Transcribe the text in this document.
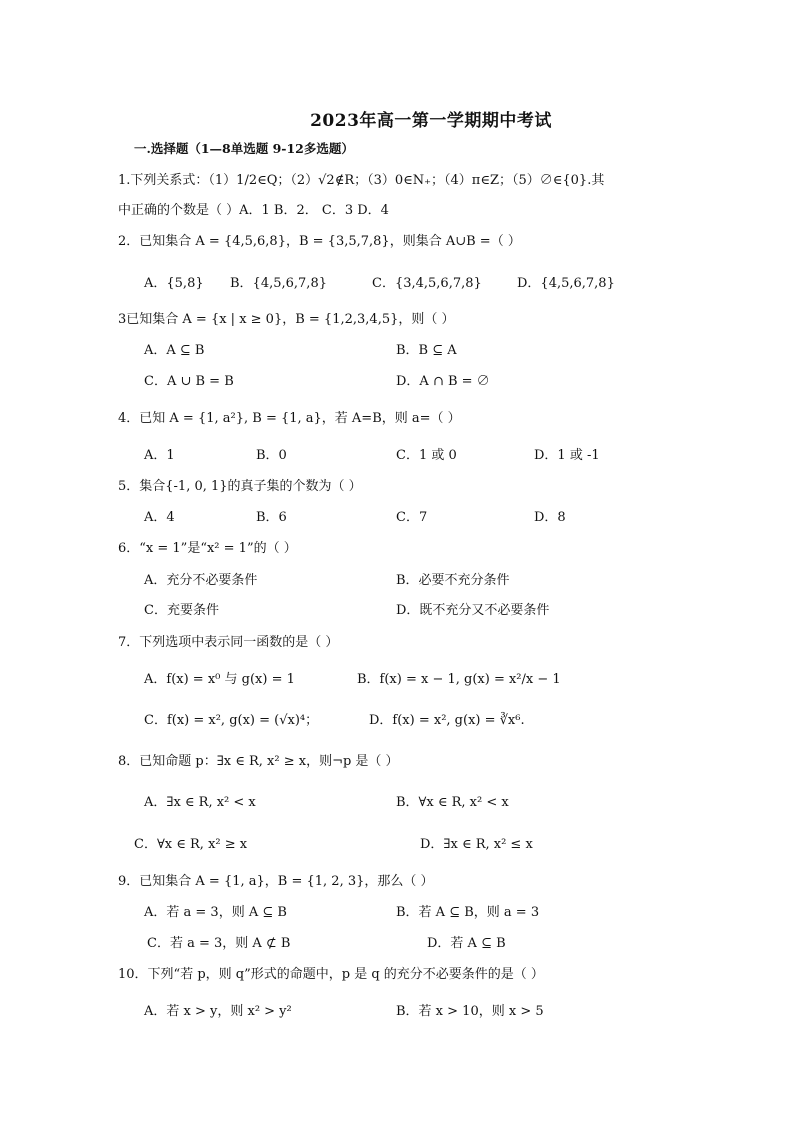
2023年高一第一学期期中考试
一.选择题（1—8单选题 9-12多选题）
1.下列关系式：（1）1/2∈Q；（2）√2∉R；（3）0∈N₊；（4）π∈Z；（5）∅∈{0}.其
中正确的个数是（ ）A．1 B．2． C．3 D．4
2．已知集合 A = {4,5,6,8}，B = {3,5,7,8}，则集合 A∪B =（ ）
A．{5,8} B．{4,5,6,7,8}	C．{3,4,5,6,7,8}	D．{4,5,6,7,8}
3已知集合 A = {x | x ≥ 0}，B = {1,2,3,4,5}，则（ ）
A．A ⊆ B	B．B ⊆ A
C．A ∪ B = B	D．A ∩ B = ∅
4．已知 A = {1, a²}, B = {1, a}，若 A=B，则 a=（ ）
A．1	B．0	C．1 或 0	D．1 或 -1
5．集合{-1, 0, 1}的真子集的个数为（ ）
A．4	B．6	C．7	D．8
6．“x = 1”是“x² = 1”的（ ）
A．充分不必要条件	B．必要不充分条件
C．充要条件	D．既不充分又不必要条件
7．下列选项中表示同一函数的是（ ）
A．f(x) = x⁰ 与 g(x) = 1	B．f(x) = x − 1, g(x) = x²/x − 1
C．f(x) = x², g(x) = (√x)⁴；	D．f(x) = x², g(x) = ∛x⁶.
8．已知命题 p：∃x ∈ R, x² ≥ x，则¬p 是（ ）
A．∃x ∈ R, x² < x	B．∀x ∈ R, x² < x
C．∀x ∈ R, x² ≥ x	D．∃x ∈ R, x² ≤ x
9．已知集合 A = {1, a}，B = {1, 2, 3}，那么（ ）
A．若 a = 3，则 A ⊆ B	B．若 A ⊆ B，则 a = 3
C．若 a = 3，则 A ⊄ B	D．若 A ⊆ B
10．下列“若 p，则 q”形式的命题中，p 是 q 的充分不必要条件的是（ ）
A．若 x > y，则 x² > y²	B．若 x > 10，则 x > 5
